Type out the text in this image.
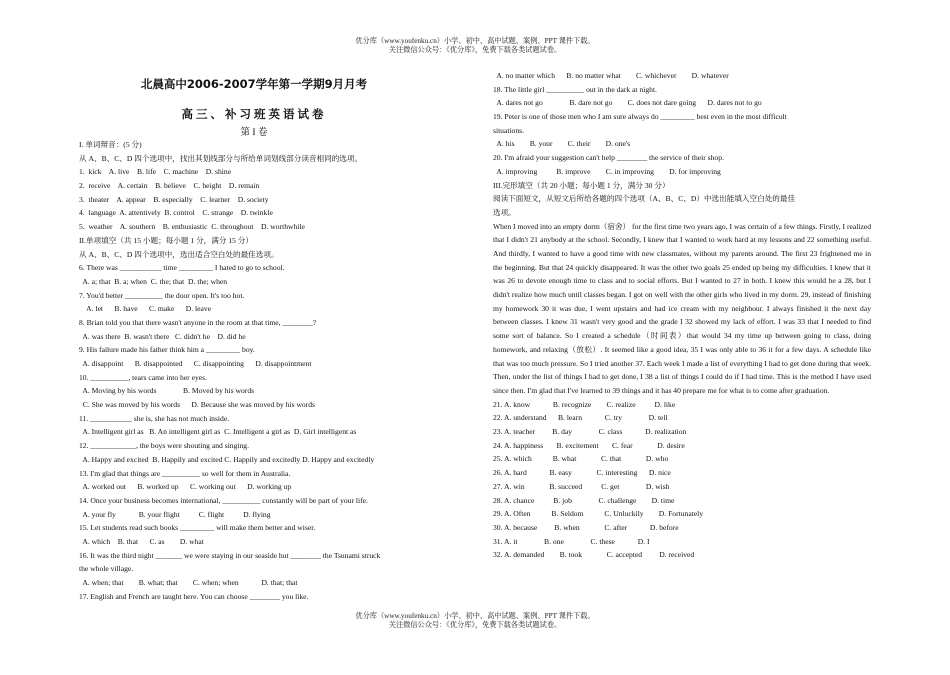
优分库（www.youfenku.cn）小学、初中、高中试题、案例、PPT 课件下载。
关注微信公众号：《优分库》，免费下载各类试题试卷。
北晨高中2006-2007学年第一学期9月月考
高三、补习班英语试卷
第 I 卷
I. 单词辩音：(5 分)
从 A、B、C、D 四个选项中，找出其划线部分与所给单词划线部分读音相同的选项。
1.  kick    A. live    B. life    C. machine    D. shine
2.  receive    A. certain    B. believe    C. height    D. remain
3.  theater    A. appear    B. especially    C. learner    D. society
4.  language  A. attentively  B. control    C. strange    D. twinkle
5.  weather    A. southern    B. enthusiastic  C. throughout    D. worthwhile
II.单项填空（共 15 小题；每小题 1 分，满分 15 分）
从 A、B、C、D 四个选项中，选出适合空白处的最佳选项。
6. There was ___________ time _________ I hated to go to school.
A. a; that  B. a; when  C. the; that  D. the; when
7. You'd better __________ the door open. It's too hot.
A. let      B. have      C. make      D. leave
8. Brian told you that there wasn't anyone in the room at that time, ________?
A. was there  B. wasn't there   C. didn't he    D. did he
9. His failure made his father think him a _________ boy.
A. disappoint      B. disappointed      C. disappointing      D. disappointment
10. __________, tears came into her eyes.
A. Moving by his words              B. Moved by his words
C. She was moved by his words      D. Because she was moved by his words
11. ___________ she is, she has not much inside.
A. Intelligent girl as   B. An intelligent girl as  C. Intelligent a girl as  D. Girl intelligent as
12. ____________, the boys were shouting and singing.
A. Happy and excited  B. Happily and excited C. Happily and excitedly D. Happy and excitedly
13. I'm glad that things are __________ so well for them in Australia.
A. worked out      B. worked up      C. working out      D. working up
14. Once your business becomes international, __________ constantly will be part of your life.
A. your fly            B. your flight          C. flight          D. flying
15. Let students read such books _________ will make them better and wiser.
A. which    B. that      C. as        D. what
16. It was the third night _______ we were staying in our seaside hut ________ the Tsunami struck
the whole village.
A. when; that        B. what; that        C. when; when            D. that; that
17. English and French are taught here. You can choose ________ you like.
A. no matter which      B. no matter what        C. whichever        D. whatever
18. The little girl __________ out in the dark at night.
A. dares not go              B. dare not go        C. does not dare going      D. dares not to go
19. Peter is one of those men who I am sure always do _________ best even in the most difficult
situations.
A. his        B. your        C. their        D. one's
20. I'm afraid your suggestion can't help ________ the service of their shop.
A. improving          B. improve        C. in improving        D. for improving
III.完形填空（共 20 小题；每小题 1 分，满分 30 分）
阅读下面短文，从短文后所给各题的四个选项（A、B、C、D）中选出能填入空白处的最佳
选项。
When I moved into an empty dorm（宿舍） for the first time two years ago, I was certain of a few things. Firstly, I realized that I didn't 21 anybody at the school. Secondly, I knew that I wanted to work hard at my lessons and 22 something useful. And thirdly, I wanted to have a good time with new classmates, without my parents around. The first 23 frightened me in the beginning. But that 24 quickly disappeared. It was the other two goals 25 ended up being my difficulties. I knew that it was 26 to devote enough time to class and to social efforts. But I wanted to 27 in both. I knew this would be a 28, but I didn't realize how much until classes began. I got on well with the other girls who lived in my dorm. 29, instead of finishing my homework 30 it was due, I went upstairs and had ice cream with my neighbour. I always finished it the next day between classes. I knew 31 wasn't very good and the grade I 32 showed my lack of effort. I was 33 that I needed to find some sort of balance. So I created a schedule（时间表）that would 34 my time up between going to class, doing homework, and relaxing（放松）. It seemed like a good idea, 35 I was only able to 36 it for a few days. A schedule like that was too much pressure. So I tried another 37. Each week I made a list of everything I had to get done during that week. Then, under the list of things I had to get done, I 38 a list of things I could do if I had time. This is the method I have used since then. I'm glad that I've learned to 39 things and it has 40 prepare me for what is to come after graduation.
21. A. know            B. recognize        C. realize          D. like
22. A. understand      B. learn            C. try              D. tell
23. A. teacher         B. day              C. class            D. realization
24. A. happiness       B. excitement       C. fear             D. desire
25. A. which           B. what             C. that             D. who
26. A. hard            B. easy             C. interesting      D. nice
27. A. win             B. succeed          C. get              D. wish
28. A. chance          B. job              C. challenge        D. time
29. A. Often           B. Seldom           C. Unluckily        D. Fortunately
30. A. because         B. when             C. after            D. before
31. A. it              B. one              C. these            D. I
32. A. demanded        B. took             C. accepted         D. received
优分库（www.youfenku.cn）小学、初中、高中试题、案例、PPT 课件下载。
关注微信公众号：《优分库》，免费下载各类试题试卷。
